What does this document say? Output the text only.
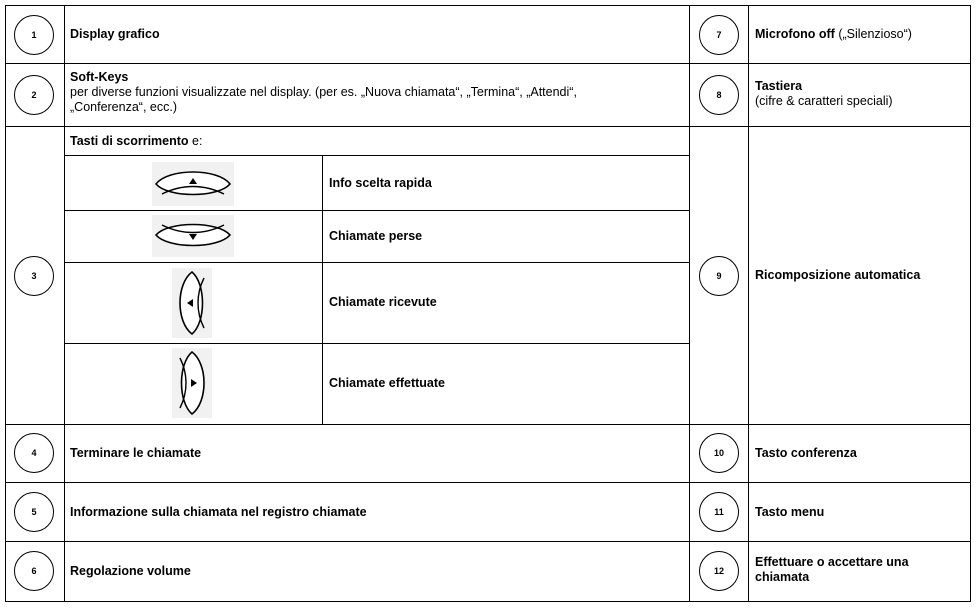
1
2
3
4
5
6
7
8
9
10
11
12
Display grafico
Soft-Keys
per diverse funzioni visualizzate nel display. (per es. „Nuova chiamata“, „Termina“, „Attendi“,
„Conferenza“, ecc.)
Tasti di scorrimento e:
Info scelta rapida
Chiamate perse
Chiamate ricevute
Chiamate effettuate
Terminare le chiamate
Informazione sulla chiamata nel registro chiamate
Regolazione volume
Microfono off („Silenzioso“)
Tastiera
(cifre & caratteri speciali)
Ricomposizione automatica
Tasto conferenza
Tasto menu
Effettuare o accettare una
chiamata
